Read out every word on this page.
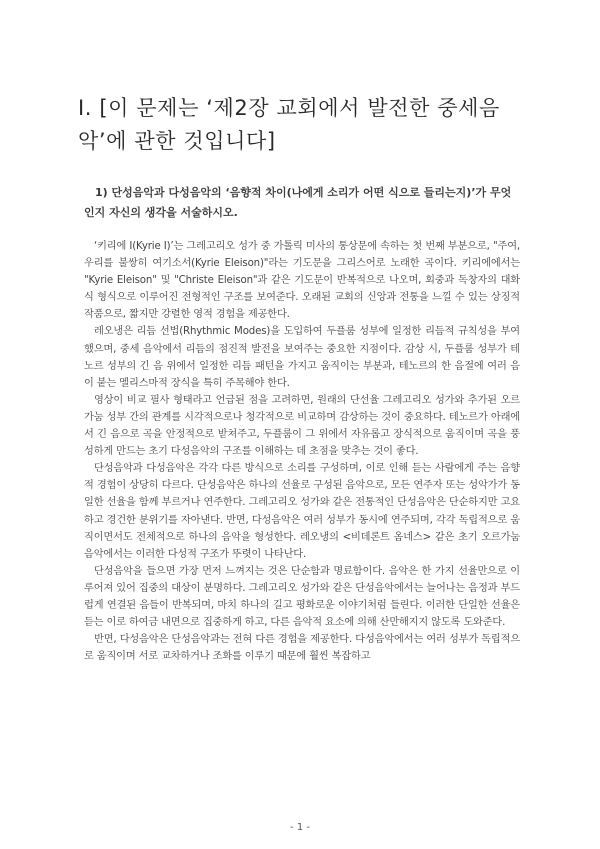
I. [이 문제는 ‘제2장 교회에서 발전한 중세음악’에 관한 것입니다]

1) 단성음악과 다성음악의 ‘음향적 차이(나에게 소리가 어떤 식으로 들리는지)’가 무엇인지 자신의 생각을 서술하시오.

‘키리에 I(Kyrie I)’는 그레고리오 성가 중 가톨릭 미사의 통상문에 속하는 첫 번째 부분으로, "주여, 우리를 불쌍히 여기소서(Kyrie Eleison)"라는 기도문을 그리스어로 노래한 곡이다. 키리에에서는 "Kyrie Eleison" 및 "Christe Eleison"과 같은 기도문이 반복적으로 나오며, 회중과 독창자의 대화식 형식으로 이루어진 전형적인 구조를 보여준다. 오래된 교회의 신앙과 전통을 느낄 수 있는 상징적 작품으로, 짧지만 강렬한 영적 경험을 제공한다.

레오냉은 리듬 선법(Rhythmic Modes)을 도입하여 두플룸 성부에 일정한 리듬적 규칙성을 부여했으며, 중세 음악에서 리듬의 점진적 발전을 보여주는 중요한 지점이다. 감상 시, 두플룸 성부가 테노르 성부의 긴 음 위에서 일정한 리듬 패턴을 가지고 움직이는 부분과, 테노르의 한 음절에 여러 음이 붙는 멜리스마적 장식을 특히 주목해야 한다.

영상이 비교 필사 형태라고 언급된 점을 고려하면, 원래의 단선율 그레고리오 성가와 추가된 오르가눔 성부 간의 관계를 시각적으로나 청각적으로 비교하며 감상하는 것이 중요하다. 테노르가 아래에서 긴 음으로 곡을 안정적으로 받쳐주고, 두플룸이 그 위에서 자유롭고 장식적으로 움직이며 곡을 풍성하게 만드는 초기 다성음악의 구조를 이해하는 데 초점을 맞추는 것이 좋다.

단성음악과 다성음악은 각각 다른 방식으로 소리를 구성하며, 이로 인해 듣는 사람에게 주는 음향적 경험이 상당히 다르다. 단성음악은 하나의 선율로 구성된 음악으로, 모든 연주자 또는 성악가가 동일한 선율을 함께 부르거나 연주한다. 그레고리오 성가와 같은 전통적인 단성음악은 단순하지만 고요하고 경건한 분위기를 자아낸다. 반면, 다성음악은 여러 성부가 동시에 연주되며, 각각 독립적으로 움직이면서도 전체적으로 하나의 음악을 형성한다. 레오냉의 <비데론트 옴네스> 같은 초기 오르가눔 음악에서는 이러한 다성적 구조가 뚜렷이 나타난다.

단성음악을 들으면 가장 먼저 느껴지는 것은 단순함과 명료함이다. 음악은 한 가지 선율만으로 이루어져 있어 집중의 대상이 분명하다. 그레고리오 성가와 같은 단성음악에서는 늘어나는 음정과 부드럽게 연결된 음들이 반복되며, 마치 하나의 길고 평화로운 이야기처럼 들린다. 이러한 단일한 선율은 듣는 이로 하여금 내면으로 집중하게 하고, 다른 음악적 요소에 의해 산만해지지 않도록 도와준다.

반면, 다성음악은 단성음악과는 전혀 다른 경험을 제공한다. 다성음악에서는 여러 성부가 독립적으로 움직이며 서로 교차하거나 조화를 이루기 때문에 훨씬 복잡하고

- 1 -
